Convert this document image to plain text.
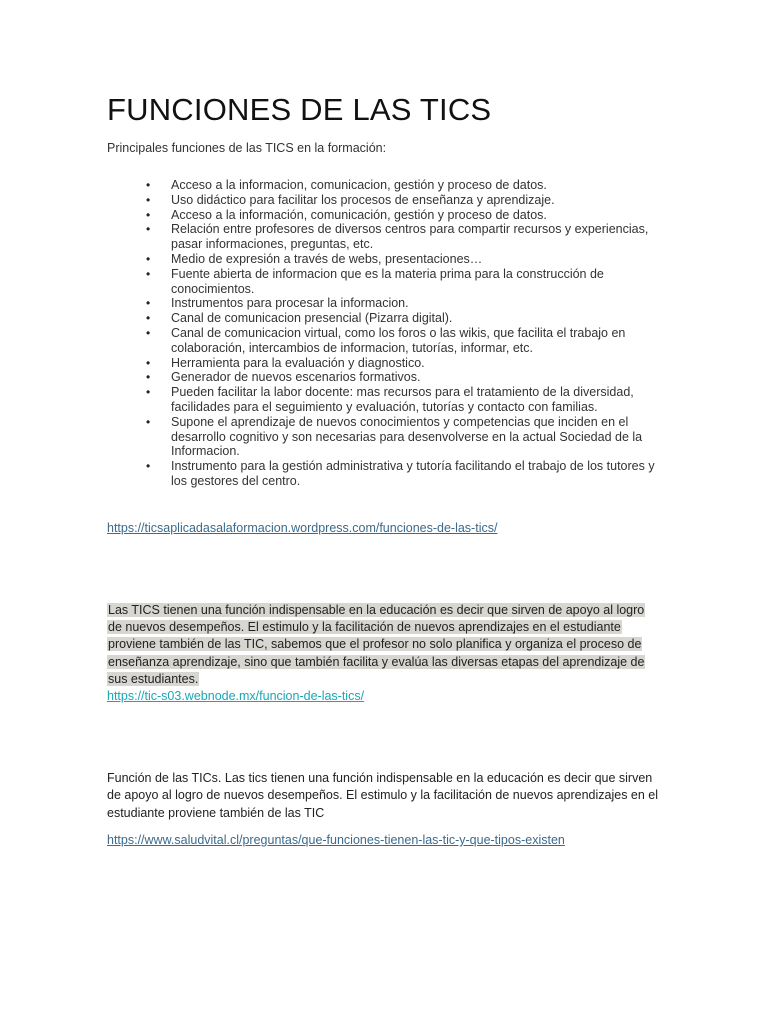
FUNCIONES DE LAS TICS

Principales funciones de las TICS en la formación:

• Acceso a la informacion, comunicacion, gestión y proceso de datos.
• Uso didáctico para facilitar los procesos de enseñanza y aprendizaje.
• Acceso a la información, comunicación, gestión y proceso de datos.
• Relación entre profesores de diversos centros para compartir recursos y experiencias, pasar informaciones, preguntas, etc.
• Medio de expresión a través de webs, presentaciones…
• Fuente abierta de informacion que es la materia prima para la construcción de conocimientos.
• Instrumentos para procesar la informacion.
• Canal de comunicacion presencial (Pizarra digital).
• Canal de comunicacion virtual, como los foros o las wikis, que facilita el trabajo en colaboración, intercambios de informacion, tutorías, informar, etc.
• Herramienta para la evaluación y diagnostico.
• Generador de nuevos escenarios formativos.
• Pueden facilitar la labor docente: mas recursos para el tratamiento de la diversidad, facilidades para el seguimiento y evaluación, tutorías y contacto con familias.
• Supone el aprendizaje de nuevos conocimientos y competencias que inciden en el desarrollo cognitivo y son necesarias para desenvolverse en la actual Sociedad de la Informacion.
• Instrumento para la gestión administrativa y tutoría facilitando el trabajo de los tutores y los gestores del centro.
https://ticsaplicadasalaformacion.wordpress.com/funciones-de-las-tics/

Las TICS tienen una función indispensable en la educación es decir que sirven de apoyo al logro de nuevos desempeños. El estimulo y la facilitación de nuevos aprendizajes en el estudiante proviene también de las TIC, sabemos que el profesor no solo planifica y organiza el proceso de enseñanza aprendizaje, sino que también facilita y evalúa las diversas etapas del aprendizaje de sus estudiantes.

https://tic-s03.webnode.mx/funcion-de-las-tics/

Función de las TICs. Las tics tienen una función indispensable en la educación es decir que sirven de apoyo al logro de nuevos desempeños. El estimulo y la facilitación de nuevos aprendizajes en el estudiante proviene también de las TIC

https://www.saludvital.cl/preguntas/que-funciones-tienen-las-tic-y-que-tipos-existen
